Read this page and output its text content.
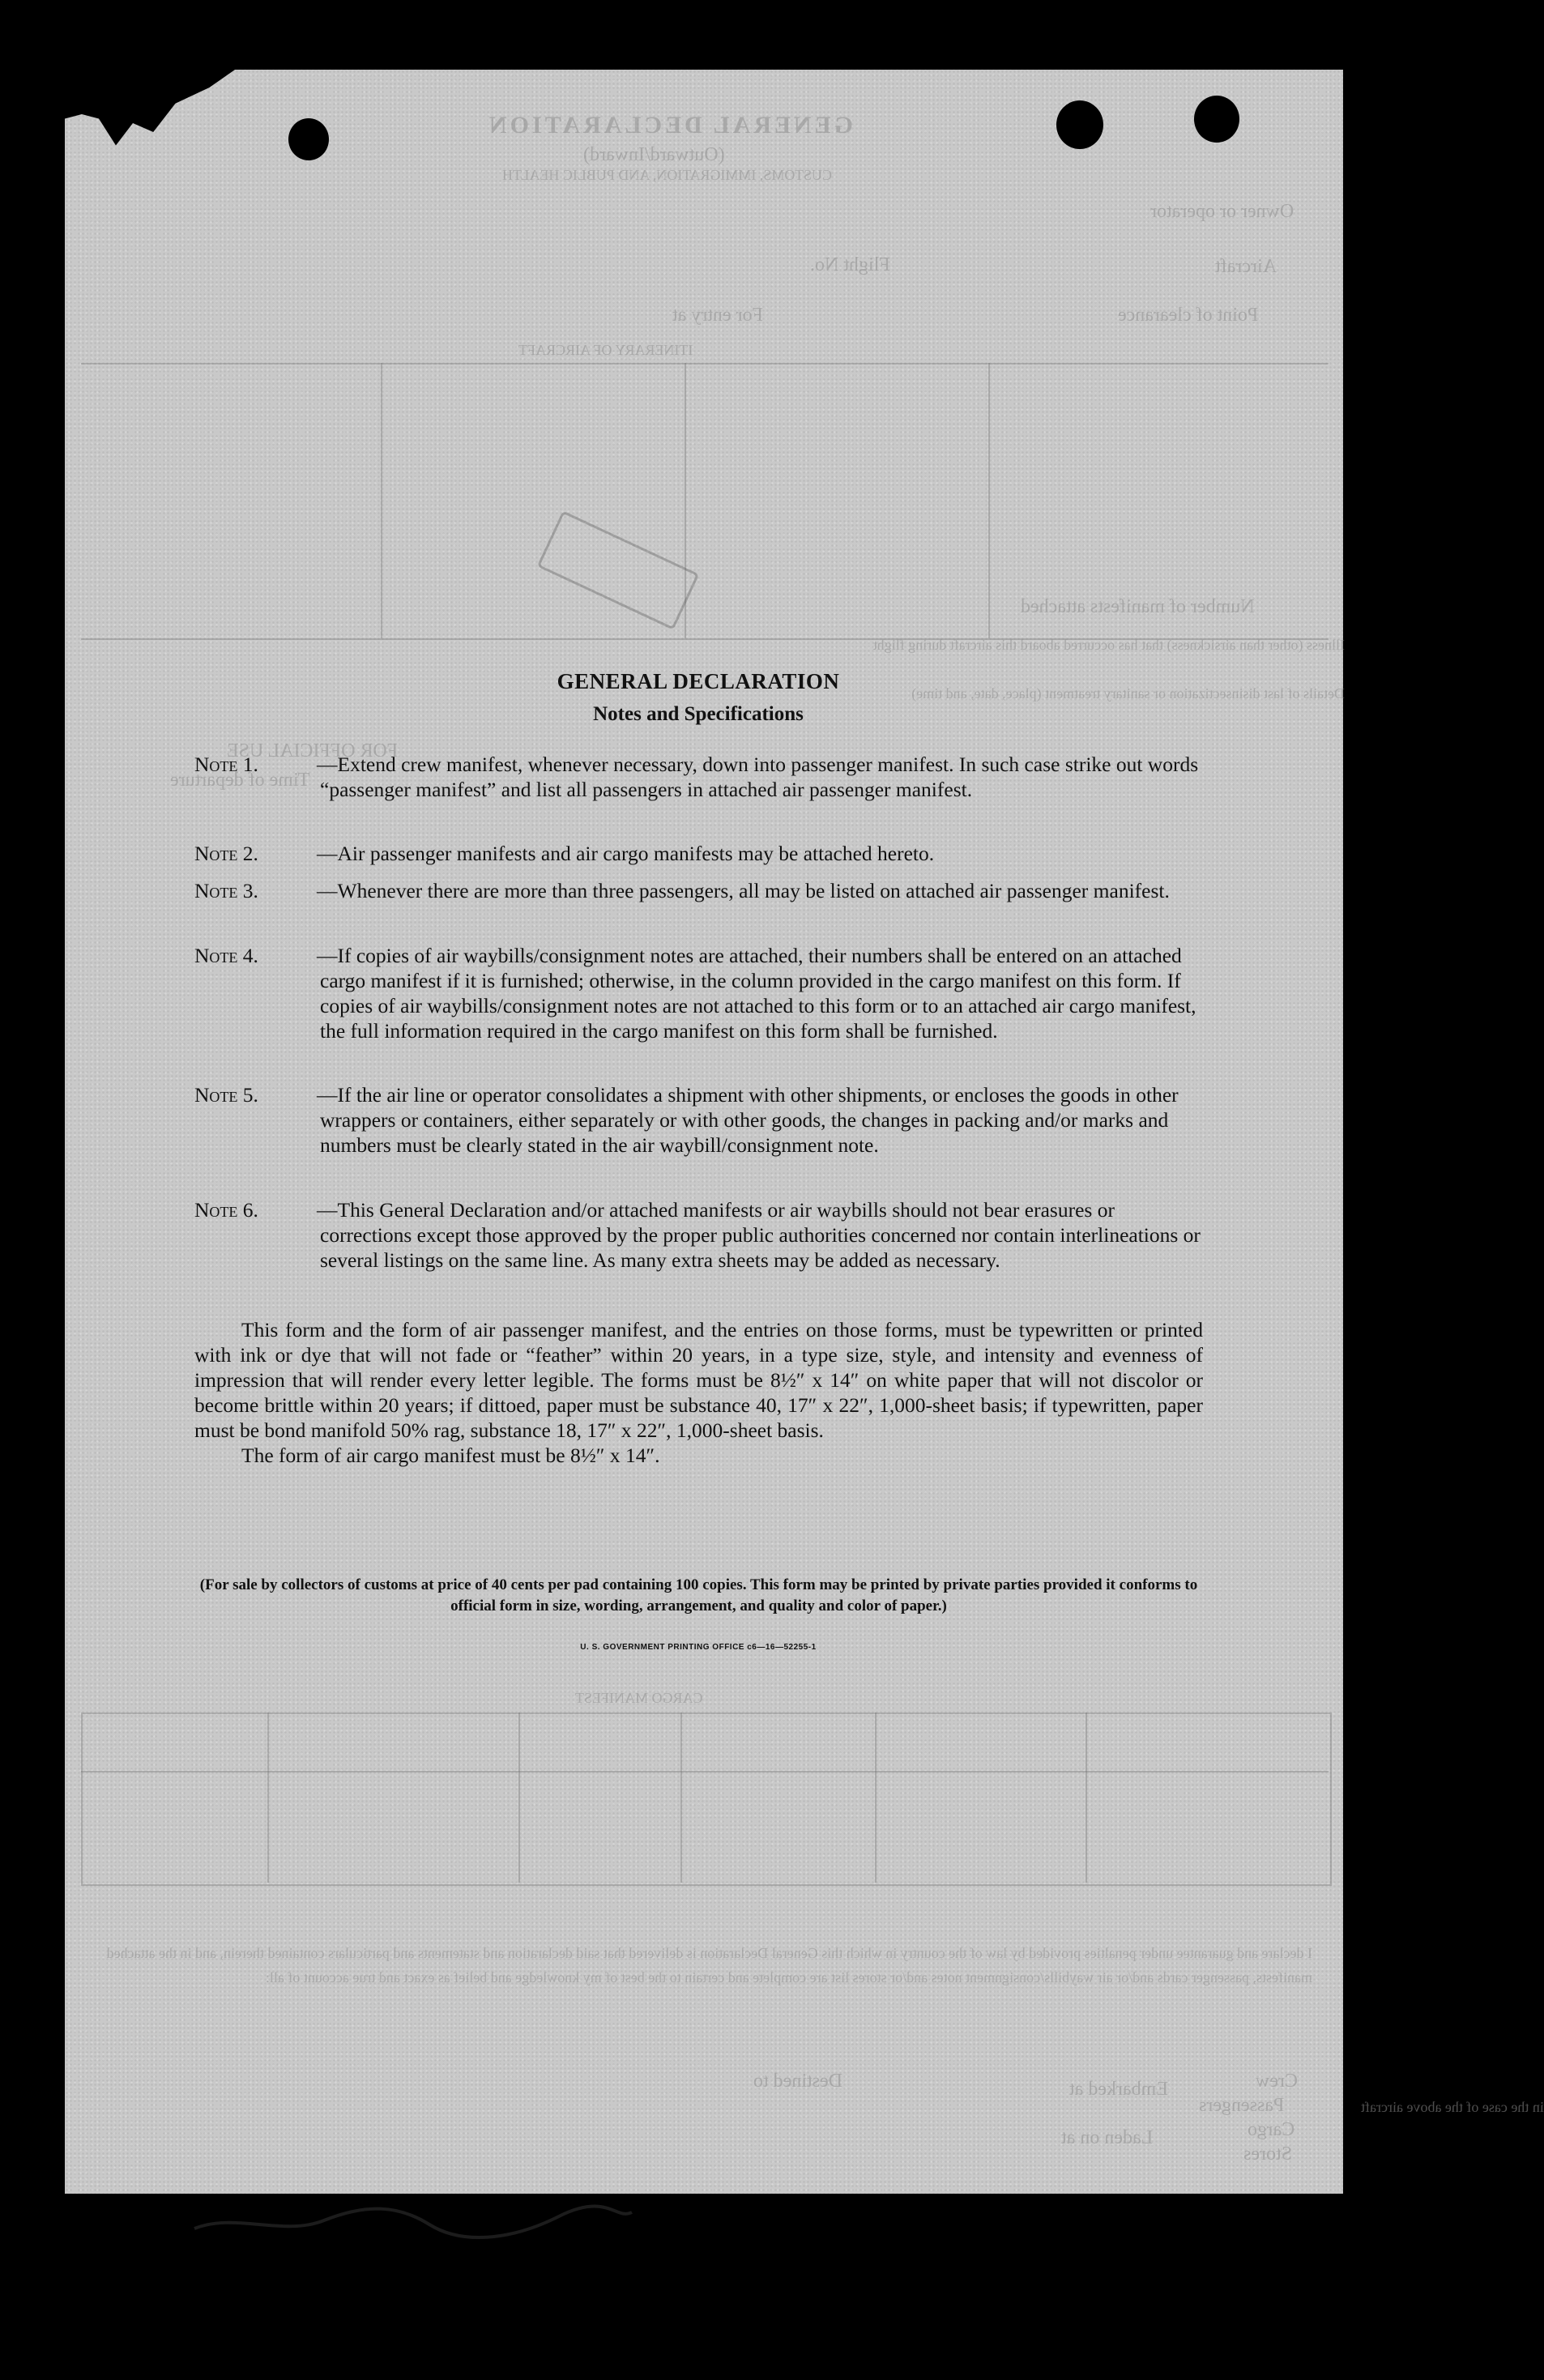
GENERAL DECLARATION
(Outward/Inward)
CUSTOMS, IMMIGRATION, AND PUBLIC HEALTH
Owner or operator
Aircraft
Flight No.
Point of clearance
For entry at
ITINERARY OF AIRCRAFT
Number of manifests attached
Illness (other than airsickness) that has occurred aboard this aircraft during flight
Details of last disinsectization or sanitary treatment (place, date, and time)
FOR OFFICIAL USE
Time of departure
CARGO MANIFEST
I declare and guarantee under penalties provided by law of the country in which this General Declaration is delivered that said declaration and statements and particulars contained therein, and in the attached manifests, passenger cards and/or air waybills/consignment notes and/or stores list are complete and certain to the best of my knowledge and belief as exact and true account of all:
Crew
Passengers
Cargo
Stores
Embarked at
Destined to
Laden on at
in the case of the above aircraft
GENERAL DECLARATION
Notes and Specifications
Note 1.	—Extend crew manifest, whenever necessary, down into passenger manifest. In such case strike out words “passenger manifest” and list all passengers in attached air passenger manifest.
Note 2.	—Air passenger manifests and air cargo manifests may be attached hereto.
Note 3.	—Whenever there are more than three passengers, all may be listed on attached air passenger manifest.
Note 4.	—If copies of air waybills/consignment notes are attached, their numbers shall be entered on an attached cargo manifest if it is furnished; otherwise, in the column provided in the cargo manifest on this form. If copies of air waybills/consignment notes are not attached to this form or to an attached air cargo manifest, the full information required in the cargo manifest on this form shall be furnished.
Note 5.	—If the air line or operator consolidates a shipment with other shipments, or encloses the goods in other wrappers or containers, either separately or with other goods, the changes in packing and/or marks and numbers must be clearly stated in the air waybill/consignment note.
Note 6.	—This General Declaration and/or attached manifests or air waybills should not bear erasures or corrections except those approved by the proper public authorities concerned nor contain interlineations or several listings on the same line. As many extra sheets may be added as necessary.

This form and the form of air passenger manifest, and the entries on those forms, must be typewritten or printed with ink or dye that will not fade or “feather” within 20 years, in a type size, style, and intensity and evenness of impression that will render every letter legible. The forms must be 8½″ x 14″ on white paper that will not discolor or become brittle within 20 years; if dittoed, paper must be substance 40, 17″ x 22″, 1,000-sheet basis; if typewritten, paper must be bond manifold 50% rag, substance 18, 17″ x 22″, 1,000-sheet basis.

The form of air cargo manifest must be 8½″ x 14″.

(For sale by collectors of customs at price of 40 cents per pad containing 100 copies. This form may be printed by private parties provided it conforms to official form in size, wording, arrangement, and quality and color of paper.)
U. S. GOVERNMENT PRINTING OFFICE c6—16—52255-1
